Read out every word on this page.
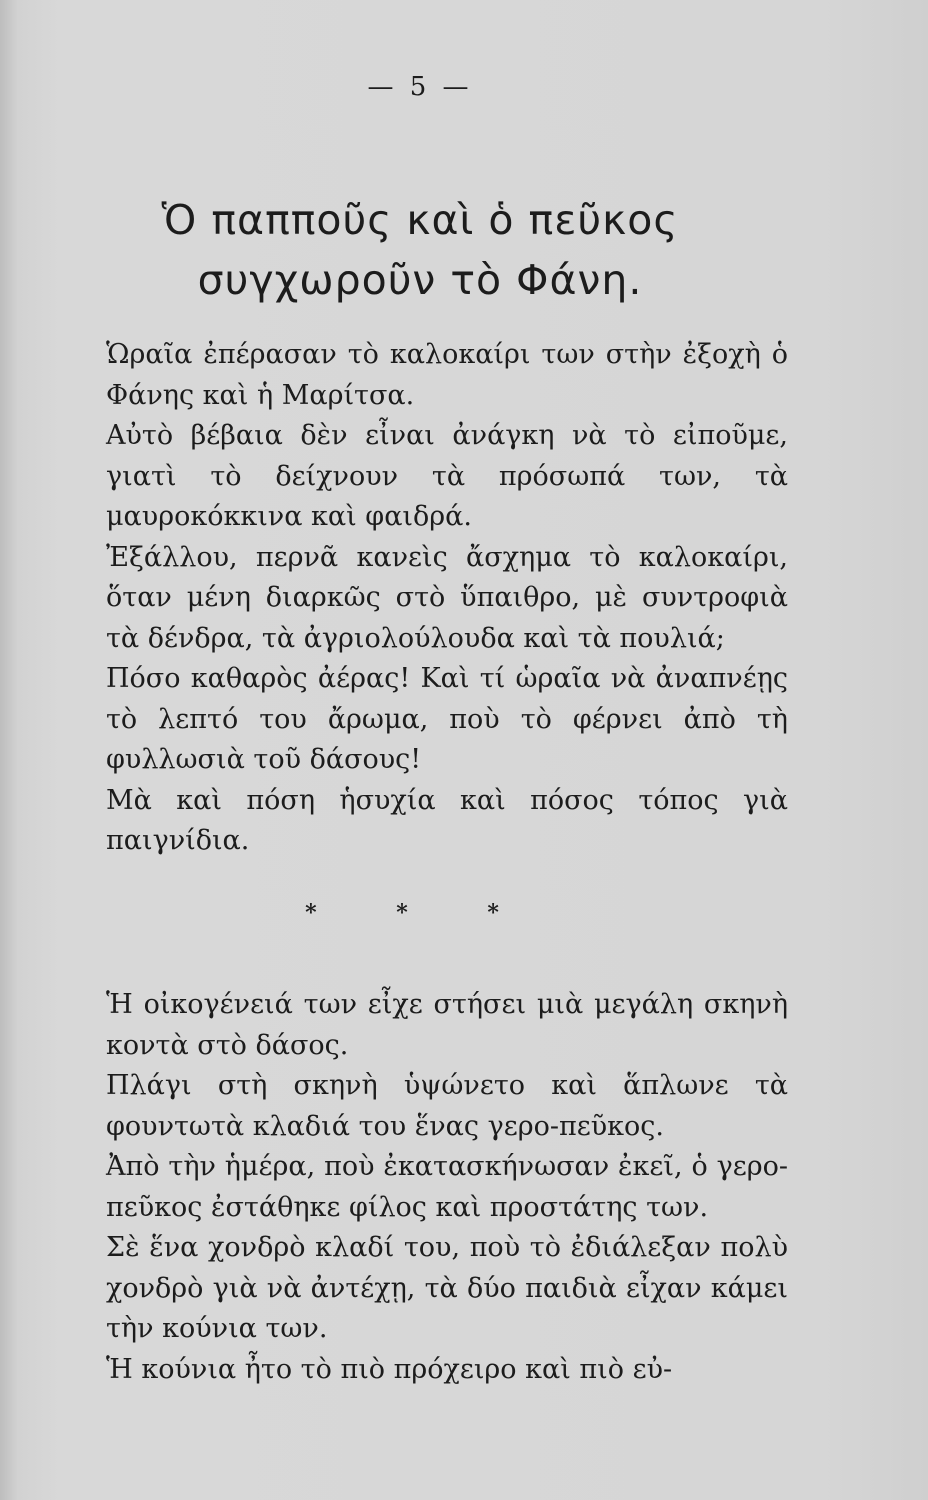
— 5 —
Ὁ παπποῦς καὶ ὁ πεῦκος
συγχωροῦν τὸ Φάνη.

Ὡραῖα ἐπέρασαν τὸ καλοκαίρι των στὴν ἐξοχὴ ὁ Φάνης καὶ ἡ Μαρίτσα.

Αὐτὸ βέβαια δὲν εἶναι ἀνάγκη νὰ τὸ εἰποῦμε, γιατὶ τὸ δείχνουν τὰ πρόσωπά των, τὰ μαυροκόκκινα καὶ φαιδρά.

Ἐξάλλου, περνᾶ κανεὶς ἄσχημα τὸ καλοκαίρι, ὅταν μένη διαρκῶς στὸ ὕπαιθρο, μὲ συντροφιὰ τὰ δένδρα, τὰ ἀγριολούλουδα καὶ τὰ πουλιά;

Πόσο καθαρὸς ἀέρας! Καὶ τί ὡραῖα νὰ ἀναπνέῃς τὸ λεπτό του ἄρωμα, ποὺ τὸ φέρνει ἀπὸ τὴ φυλλωσιὰ τοῦ δάσους!

Μὰ καὶ πόση ἡσυχία καὶ πόσος τόπος γιὰ παιγνίδια.

* * *

Ἡ οἰκογένειά των εἶχε στήσει μιὰ μεγάλη σκηνὴ κοντὰ στὸ δάσος.

Πλάγι στὴ σκηνὴ ὑψώνετο καὶ ἅπλωνε τὰ φουντωτὰ κλαδιά του ἕνας γερο-πεῦκος.

Ἀπὸ τὴν ἡμέρα, ποὺ ἐκατασκήνωσαν ἐκεῖ, ὁ γερο-πεῦκος ἐστάθηκε φίλος καὶ προστάτης των.

Σὲ ἕνα χονδρὸ κλαδί του, ποὺ τὸ ἐδιάλεξαν πολὺ χονδρὸ γιὰ νὰ ἀντέχῃ, τὰ δύο παιδιὰ εἶχαν κάμει τὴν κούνια των.

Ἡ κούνια ἦτο τὸ πιὸ πρόχειρο καὶ πιὸ εὐ-
